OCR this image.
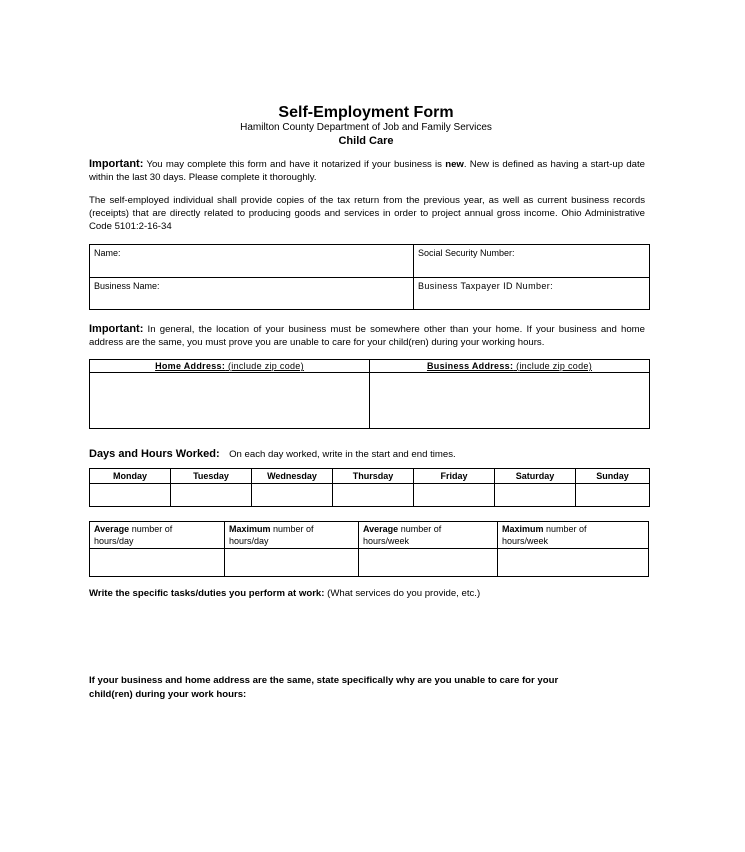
Self-Employment Form
Hamilton County Department of Job and Family Services
Child Care
Important: You may complete this form and have it notarized if your business is new. New is defined as having a start-up date within the last 30 days. Please complete it thoroughly.
The self-employed individual shall provide copies of the tax return from the previous year, as well as current business records (receipts) that are directly related to producing goods and services in order to project annual gross income. Ohio Administrative Code 5101:2-16-34
Name:	Social Security Number:

Business Name:	Business Taxpayer ID Number:
Important: In general, the location of your business must be somewhere other than your home. If your business and home address are the same, you must prove you are unable to care for your child(ren) during your working hours.
Home Address: (include zip code)	Business Address: (include zip code)

Days and Hours Worked: On each day worked, write in the start and end times.
Monday	Tuesday	Wednesday	Thursday	Friday	Saturday	Sunday

Average number of
hours/day	Maximum number of
hours/day	Average number of
hours/week	Maximum number of
hours/week

Write the specific tasks/duties you perform at work: (What services do you provide, etc.)
If your business and home address are the same, state specifically why are you unable to care for your
child(ren) during your work hours:
